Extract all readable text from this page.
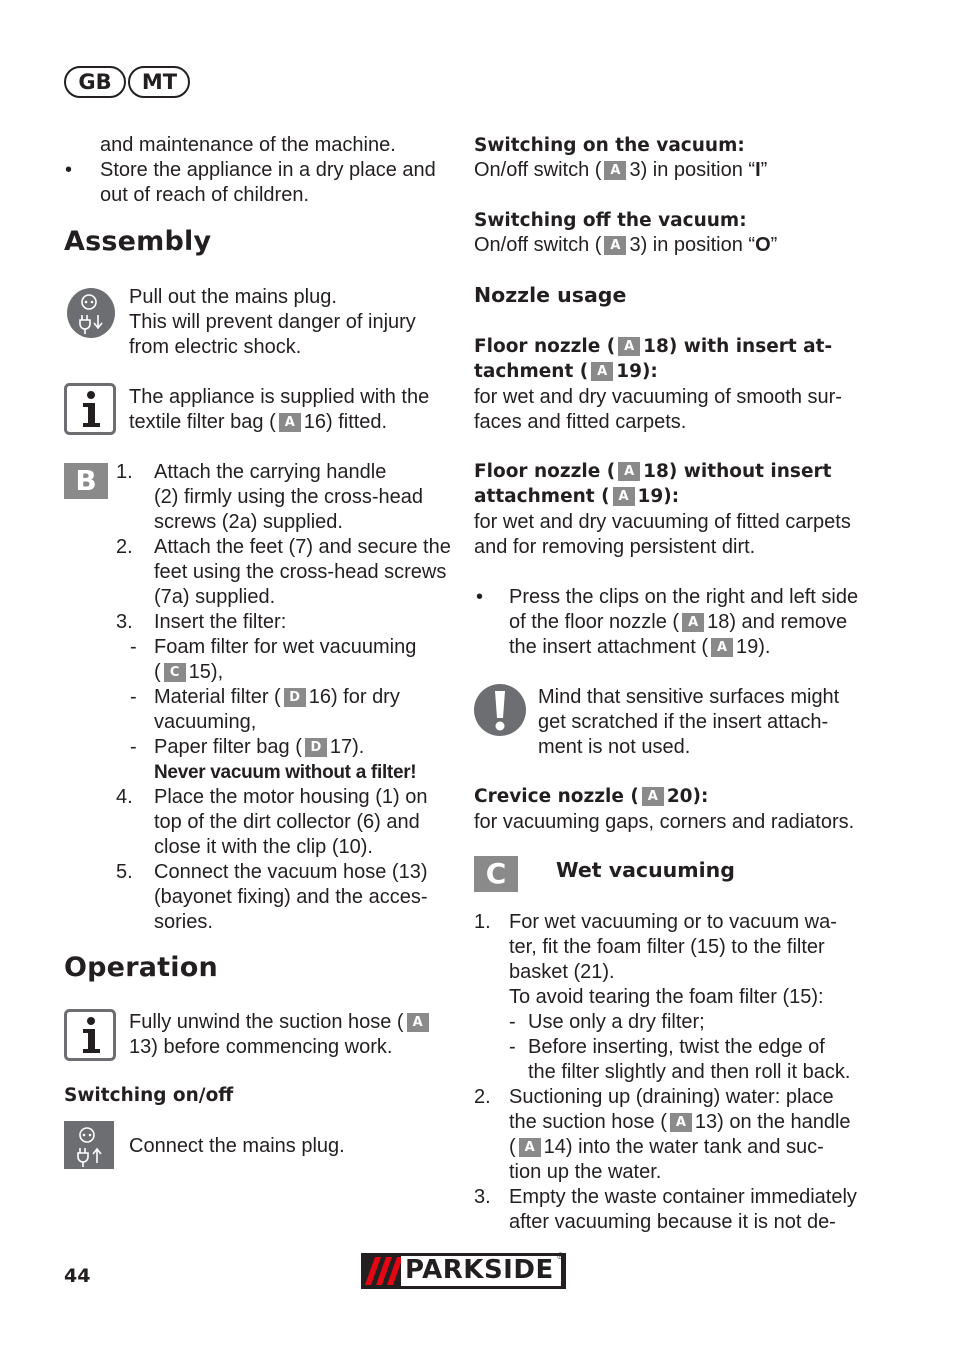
GB MT
and maintenance of the machine.
• Store the appliance in a dry place and out of reach of children.
Assembly
Pull out the mains plug.
This will prevent danger of injury
from electric shock.
The appliance is supplied with the
textile filter bag ( A 16) fitted.
B 1. Attach the carrying handle
(2) firmly using the cross-head
screws (2a) supplied.
2. Attach the feet (7) and secure the
feet using the cross-head screws
(7a) supplied.
3. Insert the filter:
- Foam filter for wet vacuuming
( C 15),
- Material filter ( D 16) for dry
vacuuming,
- Paper filter bag ( D 17).
Never vacuum without a filter!
4. Place the motor housing (1) on
top of the dirt collector (6) and
close it with the clip (10).
5. Connect the vacuum hose (13)
(bayonet fixing) and the acces-
sories.
Operation
Fully unwind the suction hose ( A
13) before commencing work.
Switching on/off
Connect the mains plug.
Switching on the vacuum:
On/off switch ( A 3) in position “I”
Switching off the vacuum:
On/off switch ( A 3) in position “O”
Nozzle usage
Floor nozzle ( A 18) with insert at-
tachment ( A 19):
for wet and dry vacuuming of smooth sur-
faces and fitted carpets.
Floor nozzle ( A 18) without insert
attachment ( A 19):
for wet and dry vacuuming of fitted carpets
and for removing persistent dirt.
• Press the clips on the right and left side
of the floor nozzle ( A 18) and remove
the insert attachment ( A 19).
Mind that sensitive surfaces might
get scratched if the insert attach-
ment is not used.
Crevice nozzle ( A 20):
for vacuuming gaps, corners and radiators.
C	Wet vacuuming
1. For wet vacuuming or to vacuum wa-
ter, fit the foam filter (15) to the filter
basket (21).
To avoid tearing the foam filter (15):
- Use only a dry filter;
- Before inserting, twist the edge of
the filter slightly and then roll it back.
2. Suctioning up (draining) water: place
the suction hose ( A 13) on the handle
( A 14) into the water tank and suc-
tion up the water.
3. Empty the waste container immediately
after vacuuming because it is not de-
44	PARKSIDE ®
